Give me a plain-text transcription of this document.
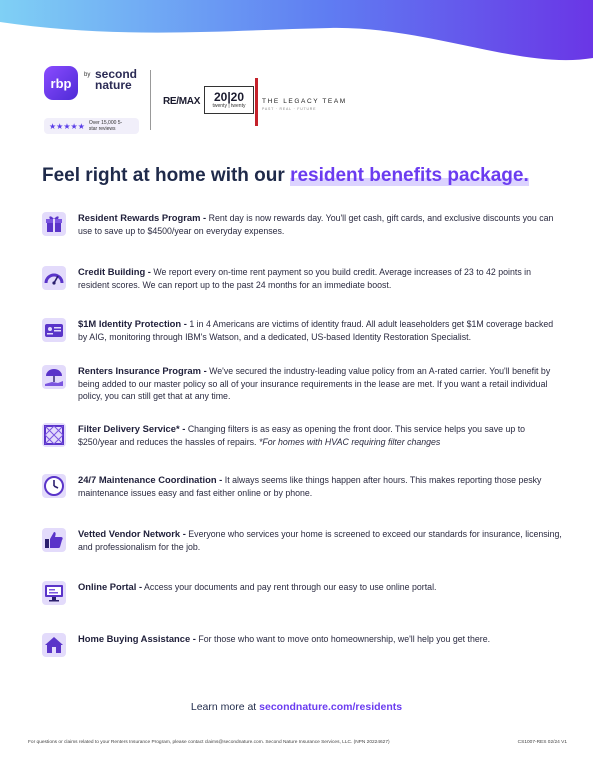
rbp
by second nature
★★★★★ Over 15,000 5-star reviews
RE/MAX 20|20
twenty | twenty
THE LEGACY TEAM
PAST · REAL · FUTURE
Feel right at home with our resident benefits package.
Resident Rewards Program - Rent day is now rewards day. You'll get cash, gift cards, and exclusive discounts you can use to save up to $4500/year on everyday expenses.
Credit Building - We report every on-time rent payment so you build credit. Average increases of 23 to 42 points in resident scores. We can report up to the past 24 months for an immediate boost.
$1M Identity Protection - 1 in 4 Americans are victims of identity fraud. All adult leaseholders get $1M coverage backed by AIG, monitoring through IBM's Watson, and a dedicated, US-based Identity Restoration Specialist.
Renters Insurance Program - We've secured the industry-leading value policy from an A-rated carrier. You'll benefit by being added to our master policy so all of your insurance requirements in the lease are met. If you want a retail individual policy, you can still get that at any time.
Filter Delivery Service* - Changing filters is as easy as opening the front door. This service helps you save up to $250/year and reduces the hassles of repairs. *For homes with HVAC requiring filter changes
24/7 Maintenance Coordination - It always seems like things happen after hours. This makes reporting those pesky maintenance issues easy and fast either online or by phone.
Vetted Vendor Network - Everyone who services your home is screened to exceed our standards for insurance, licensing, and professionalism for the job.
Online Portal - Access your documents and pay rent through our easy to use online portal.
Home Buying Assistance - For those who want to move onto homeownership, we'll help you get there.
Learn more at secondnature.com/residents
For questions or claims related to your Renters Insurance Program, please contact claims@secondnature.com. Second Nature Insurance Services, LLC. (NPN 20224627)	CS1007-RES 02/24 V1
